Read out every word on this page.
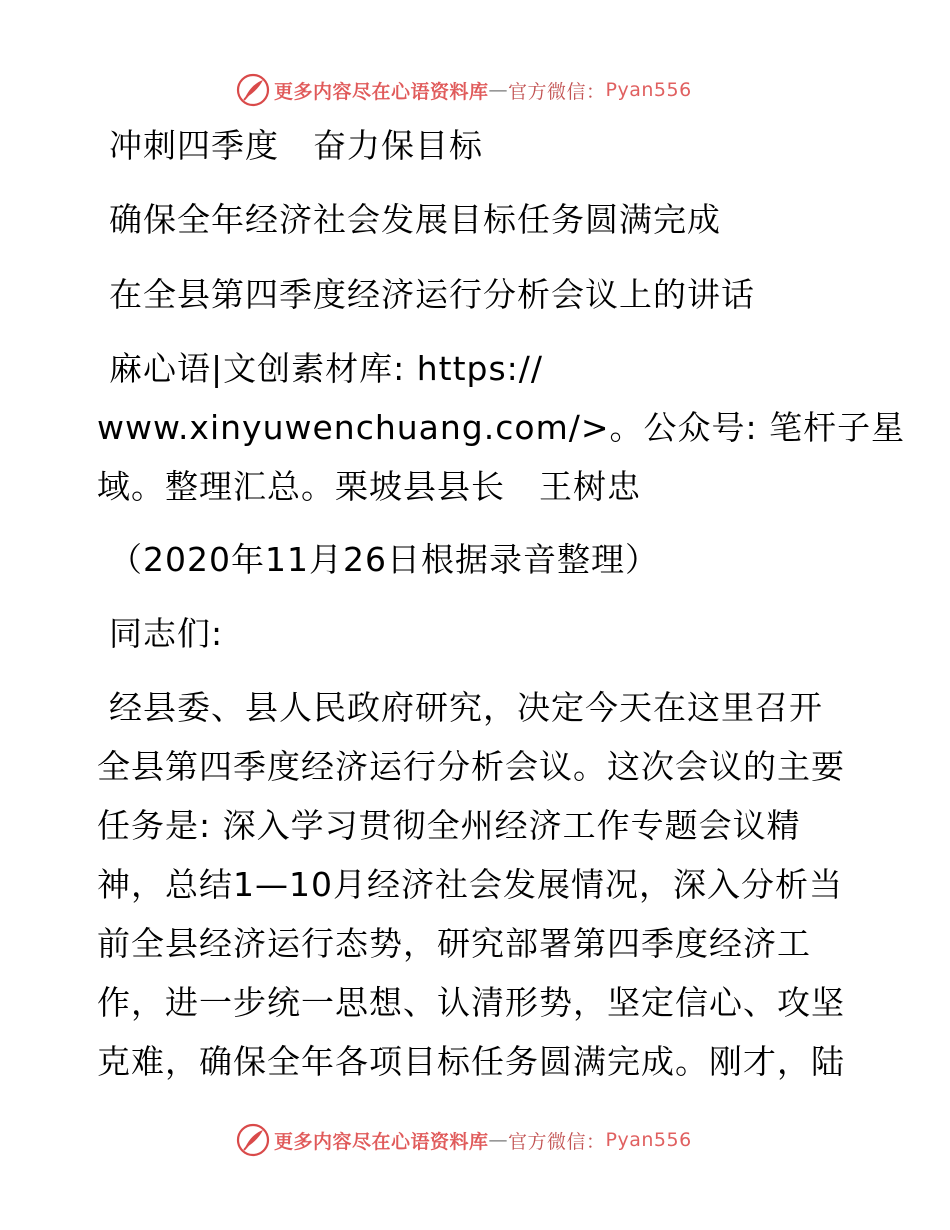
更多内容尽在心语资料库 — 官方微信： Pyan556
冲刺四季度　奋力保目标
确保全年经济社会发展目标任务圆满完成
在全县第四季度经济运行分析会议上的讲话
麻心语|文创素材库: https://
www.xinyuwenchuang.com/>。公众号: 笔杆子星
域。整理汇总。栗坡县县长　王树忠
（2020年11月26日根据录音整理）
同志们:
经县委、县人民政府研究，决定今天在这里召开
全县第四季度经济运行分析会议。这次会议的主要
任务是: 深入学习贯彻全州经济工作专题会议精
神，总结1—10月经济社会发展情况，深入分析当
前全县经济运行态势，研究部署第四季度经济工
作，进一步统一思想、认清形势，坚定信心、攻坚
克难，确保全年各项目标任务圆满完成。刚才，陆
更多内容尽在心语资料库 — 官方微信： Pyan556
